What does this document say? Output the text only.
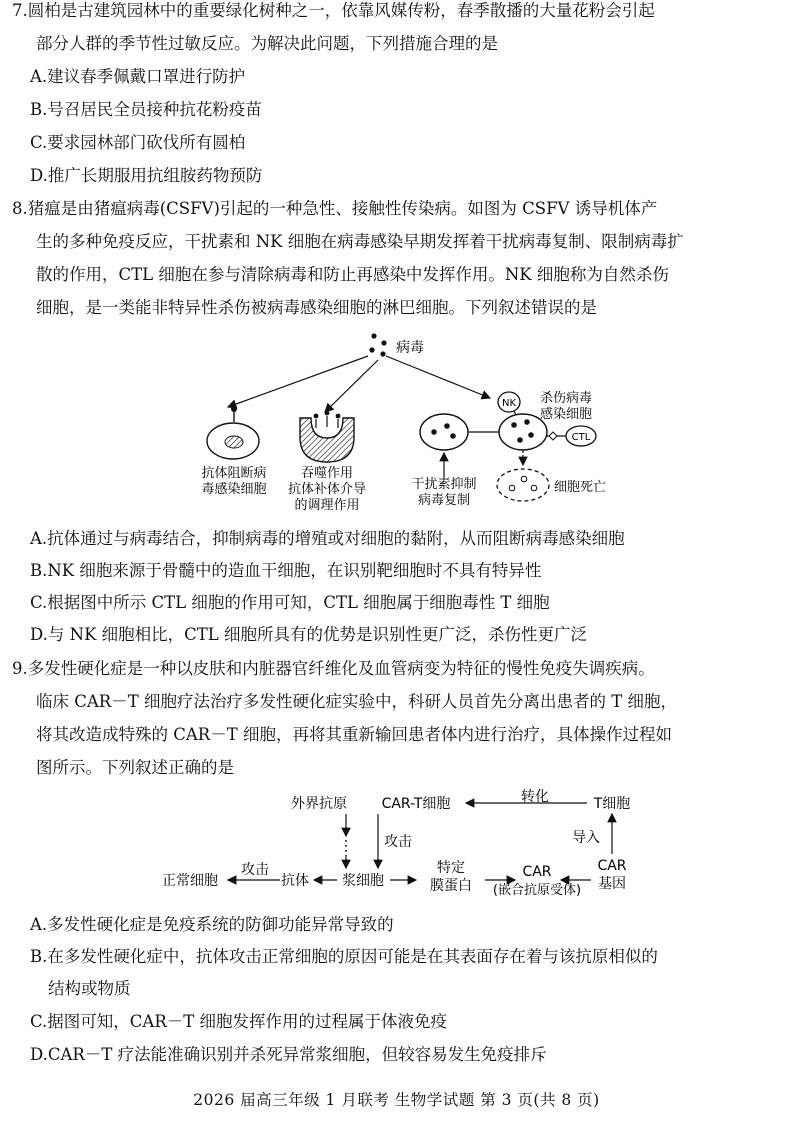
7.圆柏是古建筑园林中的重要绿化树种之一，依靠风媒传粉，春季散播的大量花粉会引起
部分人群的季节性过敏反应。为解决此问题，下列措施合理的是
A.建议春季佩戴口罩进行防护
B.号召居民全员接种抗花粉疫苗
C.要求园林部门砍伐所有圆柏
D.推广长期服用抗组胺药物预防
8.猪瘟是由猪瘟病毒(CSFV)引起的一种急性、接触性传染病。如图为 CSFV 诱导机体产
生的多种免疫反应，干扰素和 NK 细胞在病毒感染早期发挥着干扰病毒复制、限制病毒扩
散的作用，CTL 细胞在参与清除病毒和防止再感染中发挥作用。NK 细胞称为自然杀伤
细胞，是一类能非特异性杀伤被病毒感染细胞的淋巴细胞。下列叙述错误的是
病毒
抗体阻断病
毒感染细胞
吞噬作用
抗体补体介导
的调理作用
干扰素抑制
病毒复制
NK 杀伤病毒
感染细胞
CTL
细胞死亡
A.抗体通过与病毒结合，抑制病毒的增殖或对细胞的黏附，从而阻断病毒感染细胞
B.NK 细胞来源于骨髓中的造血干细胞，在识别靶细胞时不具有特异性
C.根据图中所示 CTL 细胞的作用可知，CTL 细胞属于细胞毒性 T 细胞
D.与 NK 细胞相比，CTL 细胞所具有的优势是识别性更广泛，杀伤性更广泛
9.多发性硬化症是一种以皮肤和内脏器官纤维化及血管病变为特征的慢性免疫失调疾病。
临床 CAR－T 细胞疗法治疗多发性硬化症实验中，科研人员首先分离出患者的 T 细胞，
将其改造成特殊的 CAR－T 细胞，再将其重新输回患者体内进行治疗，具体操作过程如
图所示。下列叙述正确的是
外界抗原 CAR-T细胞	转化	T细胞
攻击	导入
正常细胞
攻击
抗体 浆细胞
特定
膜蛋白
CAR
(嵌合抗原受体)
CAR
基因
A.多发性硬化症是免疫系统的防御功能异常导致的
B.在多发性硬化症中，抗体攻击正常细胞的原因可能是在其表面存在着与该抗原相似的
结构或物质
C.据图可知，CAR－T 细胞发挥作用的过程属于体液免疫
D.CAR－T 疗法能准确识别并杀死异常浆细胞，但较容易发生免疫排斥
2026 届高三年级 1 月联考 生物学试题 第 3 页(共 8 页)
